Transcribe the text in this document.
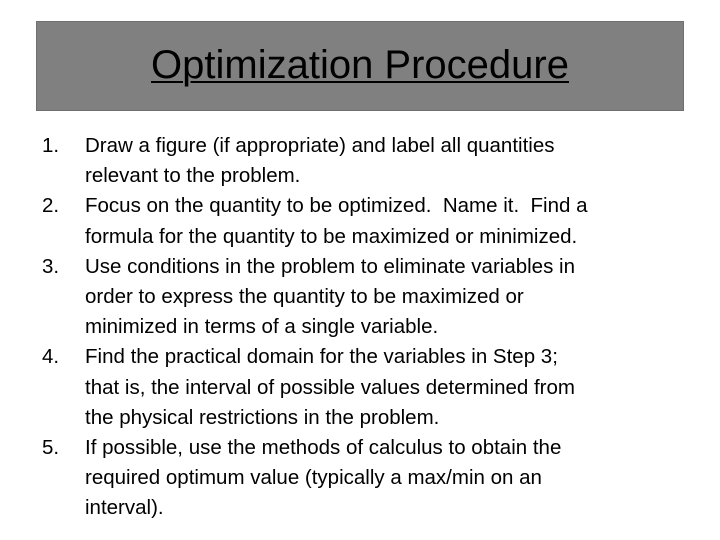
Optimization Procedure
1. Draw a figure (if appropriate) and label all quantities
relevant to the problem.
2. Focus on the quantity to be optimized.  Name it.  Find a
formula for the quantity to be maximized or minimized.
3. Use conditions in the problem to eliminate variables in
order to express the quantity to be maximized or
minimized in terms of a single variable.
4. Find the practical domain for the variables in Step 3;
that is, the interval of possible values determined from
the physical restrictions in the problem.
5. If possible, use the methods of calculus to obtain the
required optimum value (typically a max/min on an
interval).
